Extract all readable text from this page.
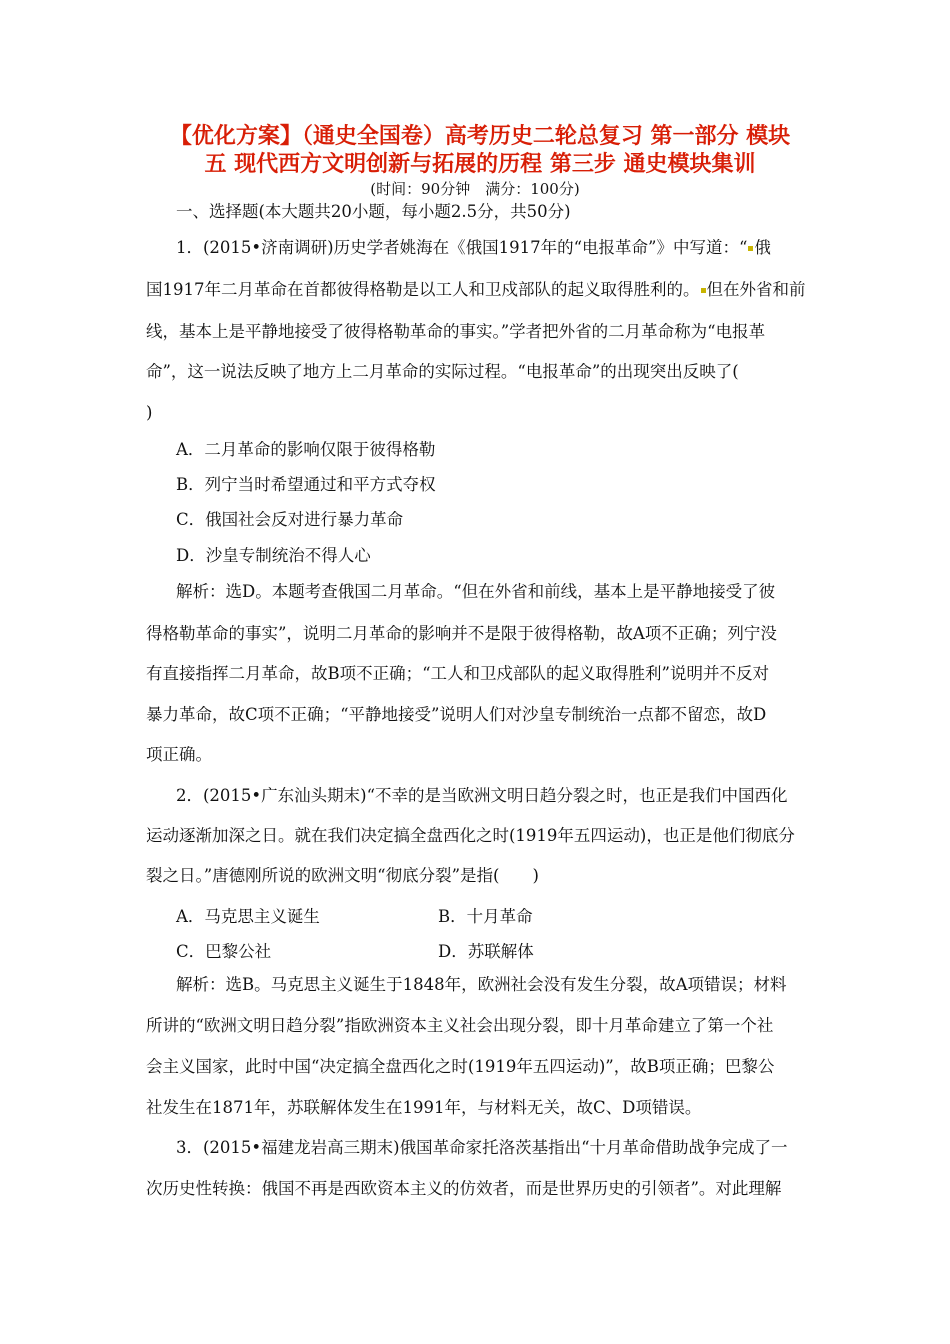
【优化方案】（通史全国卷）高考历史二轮总复习 第一部分 模块
五 现代西方文明创新与拓展的历程 第三步 通史模块集训
(时间：90分钟　满分：100分)
一、选择题(本大题共20小题，每小题2.5分，共50分)
1．(2015•济南调研)历史学者姚海在《俄国1917年的“电报革命”》中写道：“ 俄
国1917年二月革命在首都彼得格勒是以工人和卫戍部队的起义取得胜利的。 但在外省和前
线，基本上是平静地接受了彼得格勒革命的事实。”学者把外省的二月革命称为“电报革
命”，这一说法反映了地方上二月革命的实际过程。“电报革命”的出现突出反映了(
)
A．二月革命的影响仅限于彼得格勒
B．列宁当时希望通过和平方式夺权
C．俄国社会反对进行暴力革命
D．沙皇专制统治不得人心
解析：选D。本题考查俄国二月革命。“但在外省和前线，基本上是平静地接受了彼
得格勒革命的事实”，说明二月革命的影响并不是限于彼得格勒，故A项不正确；列宁没
有直接指挥二月革命，故B项不正确；“工人和卫戍部队的起义取得胜利”说明并不反对
暴力革命，故C项不正确；“平静地接受”说明人们对沙皇专制统治一点都不留恋，故D
项正确。
2．(2015•广东汕头期末)“不幸的是当欧洲文明日趋分裂之时，也正是我们中国西化
运动逐渐加深之日。就在我们决定搞全盘西化之时(1919年五四运动)，也正是他们彻底分
裂之日。”唐德刚所说的欧洲文明“彻底分裂”是指(　　)
A．马克思主义诞生	B．十月革命
C．巴黎公社	D．苏联解体
解析：选B。马克思主义诞生于1848年，欧洲社会没有发生分裂，故A项错误；材料
所讲的“欧洲文明日趋分裂”指欧洲资本主义社会出现分裂，即十月革命建立了第一个社
会主义国家，此时中国“决定搞全盘西化之时(1919年五四运动)”，故B项正确；巴黎公
社发生在1871年，苏联解体发生在1991年，与材料无关，故C、D项错误。
3．(2015•福建龙岩高三期末)俄国革命家托洛茨基指出“十月革命借助战争完成了一
次历史性转换：俄国不再是西欧资本主义的仿效者，而是世界历史的引领者”。对此理解
